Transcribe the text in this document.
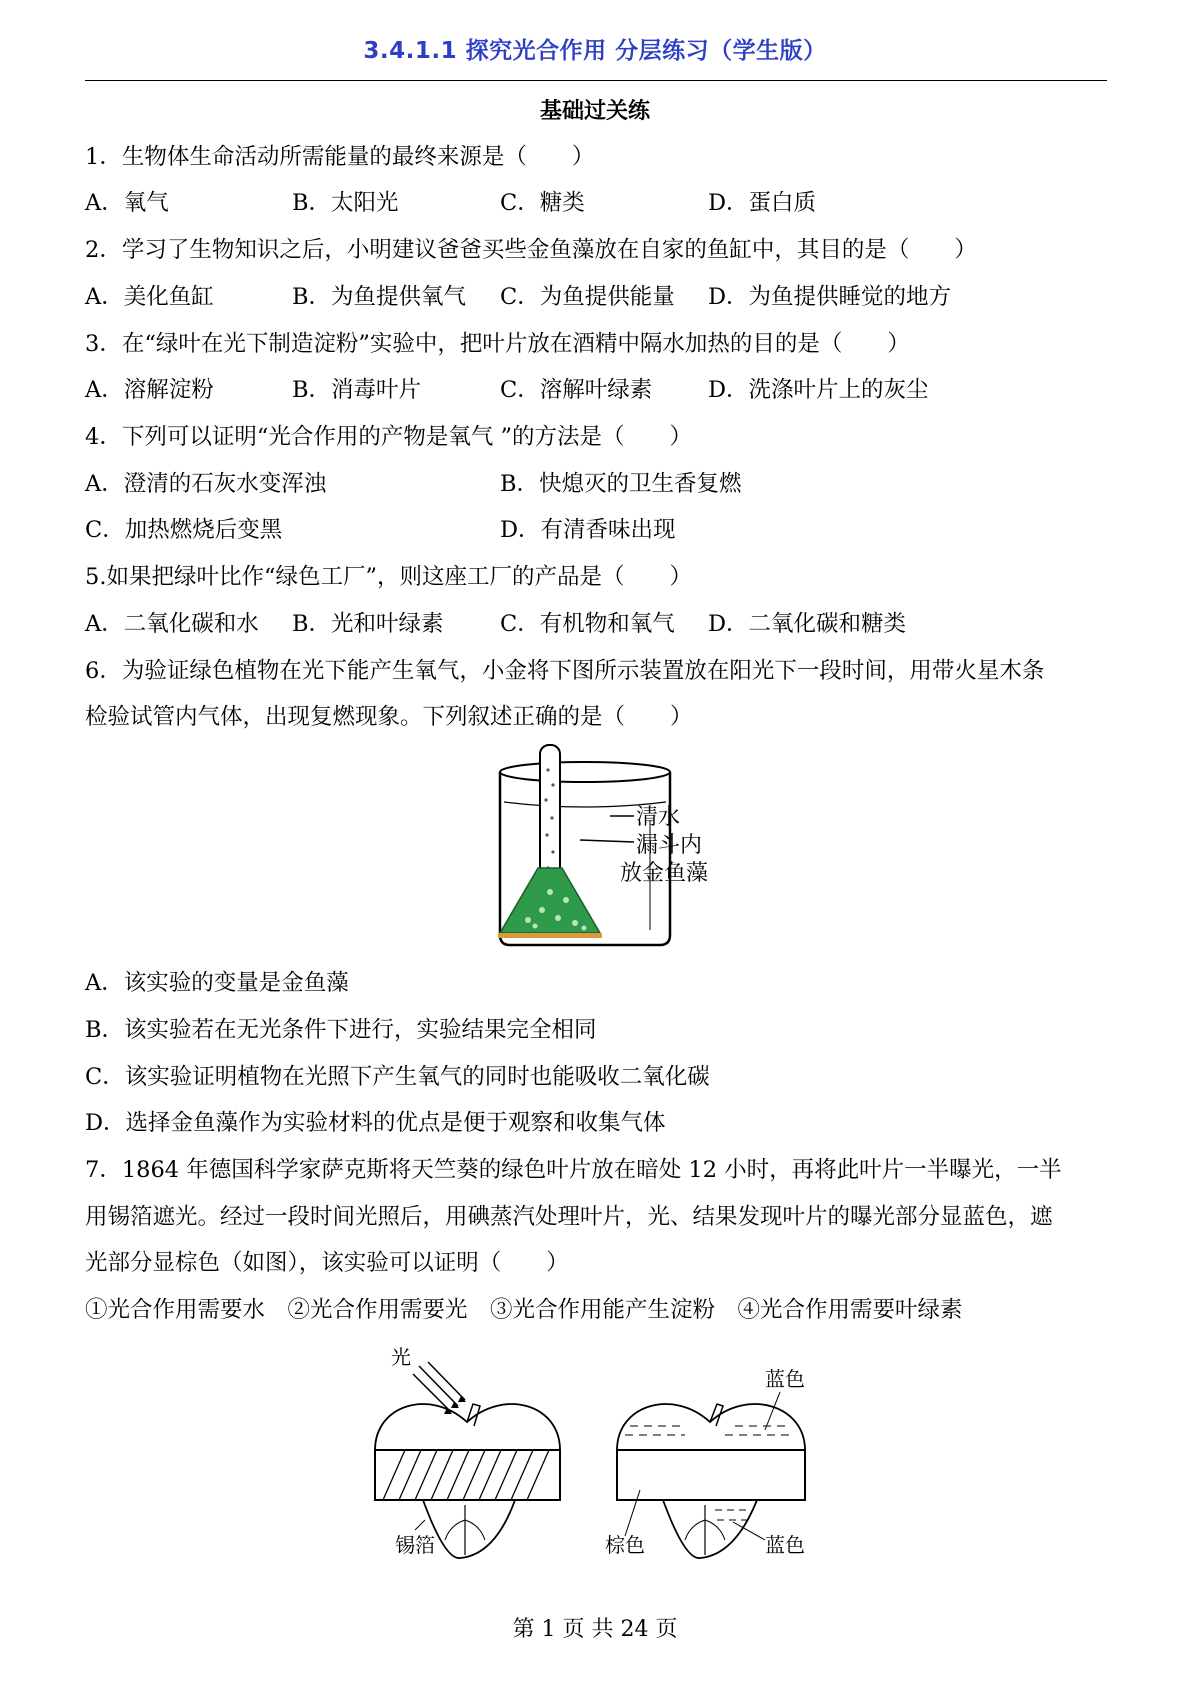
3.4.1.1 探究光合作用 分层练习（学生版）
基础过关练
1．生物体生命活动所需能量的最终来源是（　　）
A．氧气	B．太阳光	C．糖类	D．蛋白质
2．学习了生物知识之后，小明建议爸爸买些金鱼藻放在自家的鱼缸中，其目的是（　　）
A．美化鱼缸	B．为鱼提供氧气 C．为鱼提供能量 D．为鱼提供睡觉的地方
3．在“绿叶在光下制造淀粉”实验中，把叶片放在酒精中隔水加热的目的是（　　）
A．溶解淀粉	B．消毒叶片	C．溶解叶绿素 D．洗涤叶片上的灰尘
4．下列可以证明“光合作用的产物是氧气 ”的方法是（　　）
A．澄清的石灰水变浑浊	B．快熄灭的卫生香复燃
C．加热燃烧后变黑	D．有清香味出现
5.如果把绿叶比作“绿色工厂”，则这座工厂的产品是（　　）
A．二氧化碳和水 B．光和叶绿素	C．有机物和氧气 D．二氧化碳和糖类
6．为验证绿色植物在光下能产生氧气，小金将下图所示装置放在阳光下一段时间，用带火星木条
检验试管内气体，出现复燃现象。下列叙述正确的是（　　）
清水
漏斗内
放金鱼藻
A．该实验的变量是金鱼藻
B．该实验若在无光条件下进行，实验结果完全相同
C．该实验证明植物在光照下产生氧气的同时也能吸收二氧化碳
D．选择金鱼藻作为实验材料的优点是便于观察和收集气体
7．1864 年德国科学家萨克斯将天竺葵的绿色叶片放在暗处 12 小时，再将此叶片一半曝光，一半
用锡箔遮光。经过一段时间光照后，用碘蒸汽处理叶片，光、结果发现叶片的曝光部分显蓝色，遮
光部分显棕色（如图），该实验可以证明（　　）
①光合作用需要水　②光合作用需要光　③光合作用能产生淀粉　④光合作用需要叶绿素
光
锡箔
蓝色
棕色	蓝色
第 1 页 共 24 页
